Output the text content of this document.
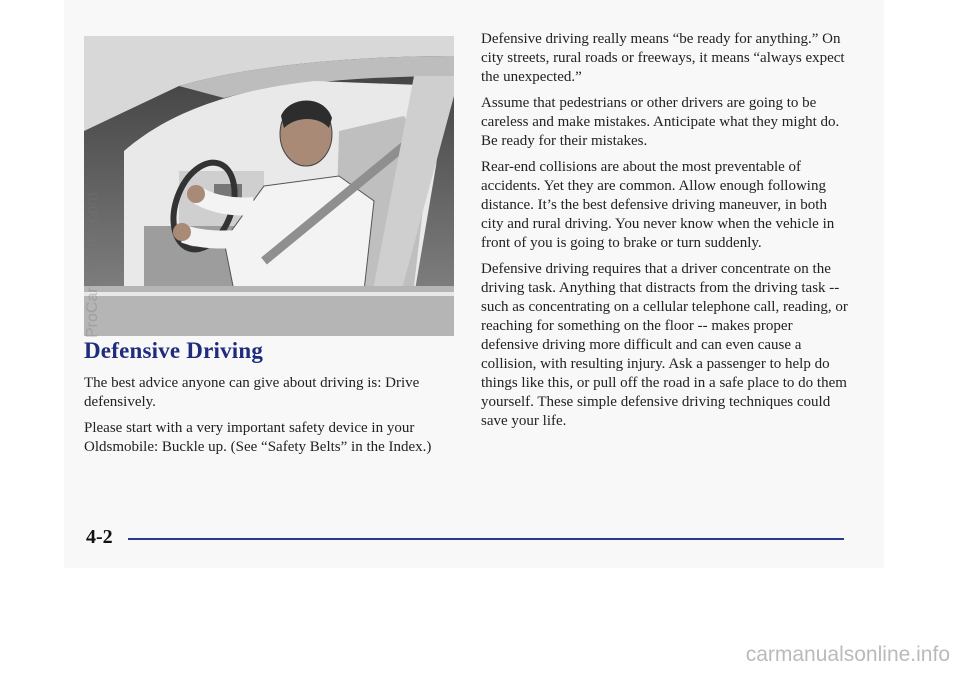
Defensive Driving

The best advice anyone can give about driving is: Drive defensively.

Please start with a very important safety device in your Oldsmobile: Buckle up. (See “Safety Belts” in the Index.)

Defensive driving really means “be ready for anything.” On city streets, rural roads or freeways, it means “always expect the unexpected.”

Assume that pedestrians or other drivers are going to be careless and make mistakes. Anticipate what they might do. Be ready for their mistakes.

Rear-end collisions are about the most preventable of accidents. Yet they are common. Allow enough following distance. It’s the best defensive driving maneuver, in both city and rural driving. You never know when the vehicle in front of you is going to brake or turn suddenly.

Defensive driving requires that a driver concentrate on the driving task. Anything that distracts from the driving task -- such as concentrating on a cellular telephone call, reading, or reaching for something on the floor -- makes proper defensive driving more difficult and can even cause a collision, with resulting injury. Ask a passenger to help do things like this, or pull off the road in a safe place to do them yourself. These simple defensive driving techniques could save your life.

4-2
ProCarManuals.com
carmanualsonline.info
